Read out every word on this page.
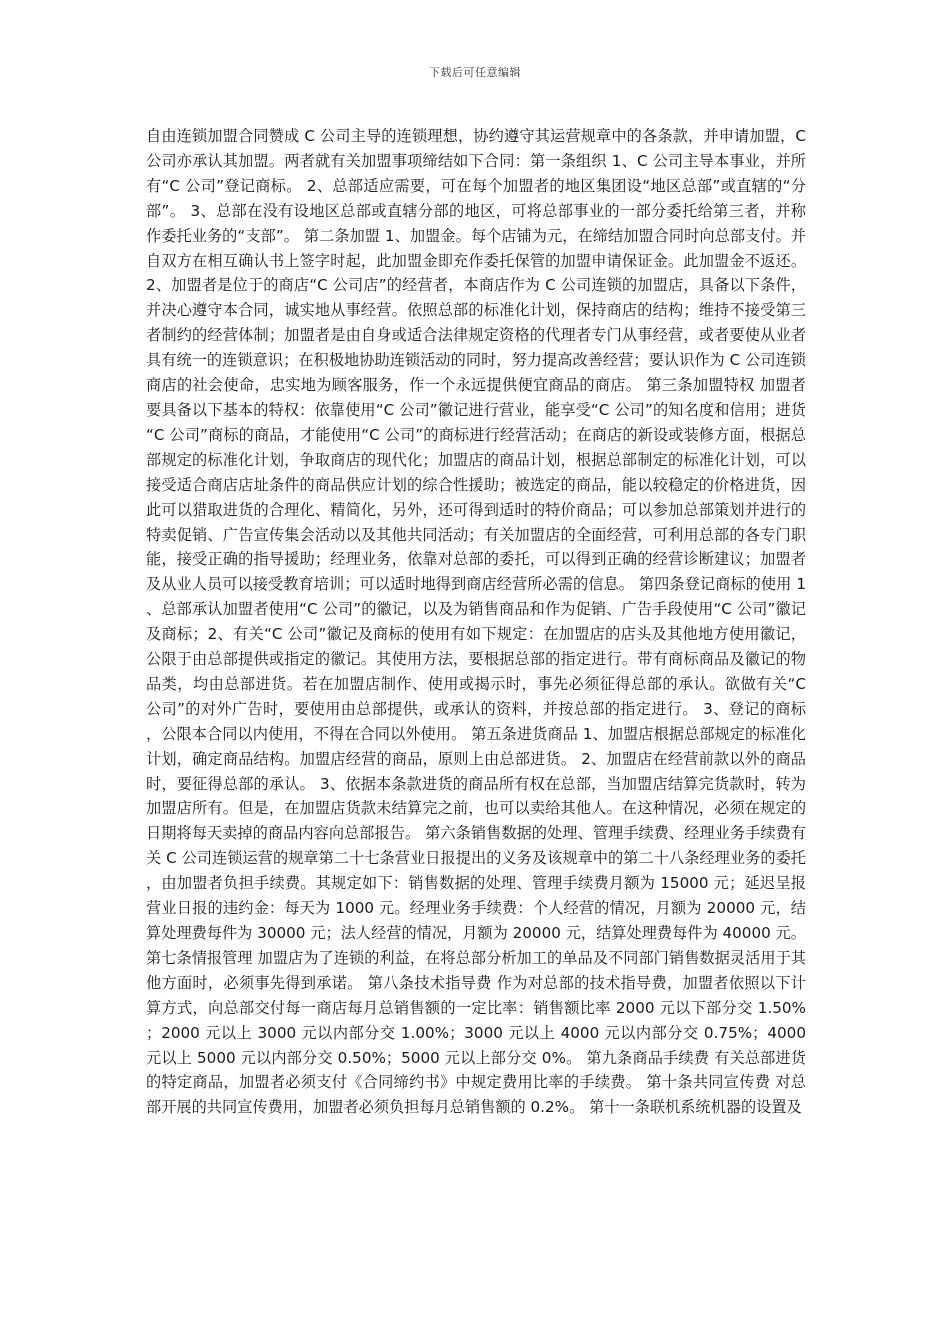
下载后可任意编辑

自由连锁加盟合同赞成 C 公司主导的连锁理想，协约遵守其运营规章中的各条款，并申请加盟，C 公司亦承认其加盟。两者就有关加盟事项缔结如下合同：第一条组织 1、C 公司主导本事业，并所有“C 公司”登记商标。 2、总部适应需要，可在每个加盟者的地区集团设“地区总部”或直辖的“分部”。 3、总部在没有设地区总部或直辖分部的地区，可将总部事业的一部分委托给第三者，并称作委托业务的“支部”。 第二条加盟 1、加盟金。每个店铺为元，在缔结加盟合同时向总部支付。并自双方在相互确认书上签字时起，此加盟金即充作委托保管的加盟申请保证金。此加盟金不返还。 2、加盟者是位于的商店“C 公司店”的经营者，本商店作为 C 公司连锁的加盟店，具备以下条件，并决心遵守本合同，诚实地从事经营。依照总部的标准化计划，保持商店的结构；维持不接受第三者制约的经营体制；加盟者是由自身或适合法律规定资格的代理者专门从事经营，或者要使从业者具有统一的连锁意识；在积极地协助连锁活动的同时，努力提高改善经营；要认识作为 C 公司连锁商店的社会使命，忠实地为顾客服务，作一个永远提供便宜商品的商店。 第三条加盟特权 加盟者要具备以下基本的特权：依靠使用“C 公司”徽记进行营业，能享受“C 公司”的知名度和信用；进货“C 公司”商标的商品，才能使用“C 公司”的商标进行经营活动；在商店的新设或装修方面，根据总部规定的标准化计划，争取商店的现代化；加盟店的商品计划，根据总部制定的标准化计划，可以接受适合商店店址条件的商品供应计划的综合性援助；被选定的商品，能以较稳定的价格进货，因此可以猎取进货的合理化、精简化，另外，还可得到适时的特价商品；可以参加总部策划并进行的特卖促销、广告宣传集会活动以及其他共同活动；有关加盟店的全面经营，可利用总部的各专门职能，接受正确的指导援助；经理业务，依靠对总部的委托，可以得到正确的经营诊断建议；加盟者及从业人员可以接受教育培训；可以适时地得到商店经营所必需的信息。 第四条登记商标的使用 1、总部承认加盟者使用“C 公司”的徽记，以及为销售商品和作为促销、广告手段使用“C 公司”徽记及商标；2、有关“C 公司”徽记及商标的使用有如下规定：在加盟店的店头及其他地方使用徽记，公限于由总部提供或指定的徽记。其使用方法，要根据总部的指定进行。带有商标商品及徽记的物品类，均由总部进货。若在加盟店制作、使用或揭示时，事先必须征得总部的承认。欲做有关“C 公司”的对外广告时，要使用由总部提供，或承认的资料，并按总部的指定进行。 3、登记的商标，公限本合同以内使用，不得在合同以外使用。 第五条进货商品 1、加盟店根据总部规定的标准化计划，确定商品结构。加盟店经营的商品，原则上由总部进货。 2、加盟店在经营前款以外的商品时，要征得总部的承认。 3、依据本条款进货的商品所有权在总部，当加盟店结算完货款时，转为加盟店所有。但是，在加盟店货款未结算完之前，也可以卖给其他人。在这种情况，必须在规定的日期将每天卖掉的商品内容向总部报告。 第六条销售数据的处理、管理手续费、经理业务手续费有关 C 公司连锁运营的规章第二十七条营业日报提出的义务及该规章中的第二十八条经理业务的委托，由加盟者负担手续费。其规定如下：销售数据的处理、管理手续费月额为 15000 元；延迟呈报营业日报的违约金：每天为 1000 元。经理业务手续费：个人经营的情况，月额为 20000 元，结算处理费每件为 30000 元；法人经营的情况，月额为 20000 元，结算处理费每件为 40000 元。 第七条情报管理 加盟店为了连锁的利益，在将总部分析加工的单品及不同部门销售数据灵活用于其他方面时，必须事先得到承诺。 第八条技术指导费 作为对总部的技术指导费，加盟者依照以下计算方式，向总部交付每一商店每月总销售额的一定比率：销售额比率 2000 元以下部分交 1.50%；2000 元以上 3000 元以内部分交 1.00%；3000 元以上 4000 元以内部分交 0.75%；4000 元以上 5000 元以内部分交 0.50%；5000 元以上部分交 0%。 第九条商品手续费 有关总部进货的特定商品，加盟者必须支付《合同缔约书》中规定费用比率的手续费。 第十条共同宣传费 对总部开展的共同宣传费用，加盟者必须负担每月总销售额的 0.2%。 第十一条联机系统机器的设置及
